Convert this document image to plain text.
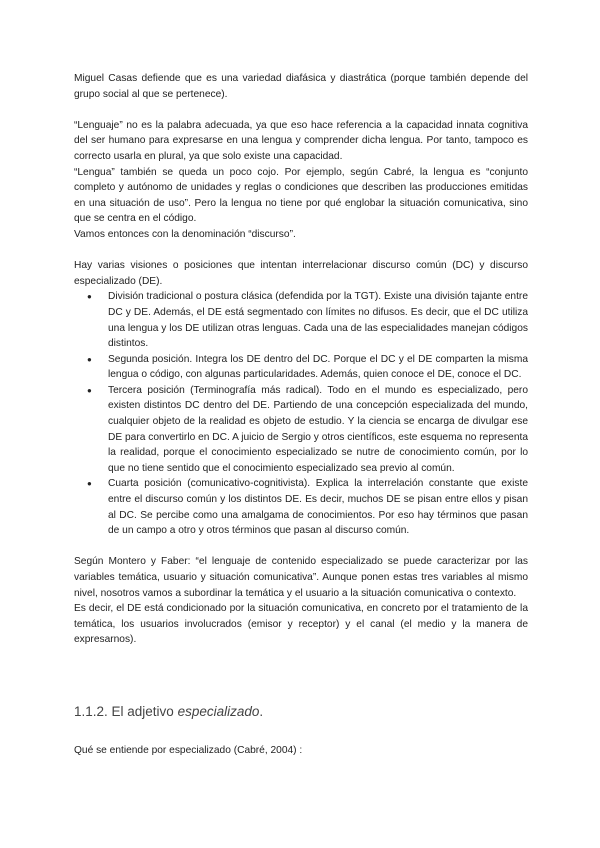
Miguel Casas defiende que es una variedad diafásica y diastrática (porque también depende del grupo social al que se pertenece).

“Lenguaje” no es la palabra adecuada, ya que eso hace referencia a la capacidad innata cognitiva del ser humano para expresarse en una lengua y comprender dicha lengua. Por tanto, tampoco es correcto usarla en plural, ya que solo existe una capacidad.

“Lengua” también se queda un poco cojo. Por ejemplo, según Cabré, la lengua es “conjunto completo y autónomo de unidades y reglas o condiciones que describen las producciones emitidas en una situación de uso”. Pero la lengua no tiene por qué englobar la situación comunicativa, sino que se centra en el código.

Vamos entonces con la denominación “discurso”.

Hay varias visiones o posiciones que intentan interrelacionar discurso común (DC) y discurso especializado (DE).

● División tradicional o postura clásica (defendida por la TGT). Existe una división tajante entre DC y DE. Además, el DE está segmentado con límites no difusos. Es decir, que el DC utiliza una lengua y los DE utilizan otras lenguas. Cada una de las especialidades manejan códigos distintos.
● Segunda posición. Integra los DE dentro del DC. Porque el DC y el DE comparten la misma lengua o código, con algunas particularidades. Además, quien conoce el DE, conoce el DC.
● Tercera posición (Terminografía más radical). Todo en el mundo es especializado, pero existen distintos DC dentro del DE. Partiendo de una concepción especializada del mundo, cualquier objeto de la realidad es objeto de estudio. Y la ciencia se encarga de divulgar ese DE para convertirlo en DC. A juicio de Sergio y otros científicos, este esquema no representa la realidad, porque el conocimiento especializado se nutre de conocimiento común, por lo que no tiene sentido que el conocimiento especializado sea previo al común.
● Cuarta posición (comunicativo-cognitivista). Explica la interrelación constante que existe entre el discurso común y los distintos DE. Es decir, muchos DE se pisan entre ellos y pisan al DC. Se percibe como una amalgama de conocimientos. Por eso hay términos que pasan de un campo a otro y otros términos que pasan al discurso común.

Según Montero y Faber: “el lenguaje de contenido especializado se puede caracterizar por las variables temática, usuario y situación comunicativa”. Aunque ponen estas tres variables al mismo nivel, nosotros vamos a subordinar la temática y el usuario a la situación comunicativa o contexto.

Es decir, el DE está condicionado por la situación comunicativa, en concreto por el tratamiento de la temática, los usuarios involucrados (emisor y receptor) y el canal (el medio y la manera de expresarnos).

1.1.2. El adjetivo especializado.

Qué se entiende por especializado (Cabré, 2004) :
